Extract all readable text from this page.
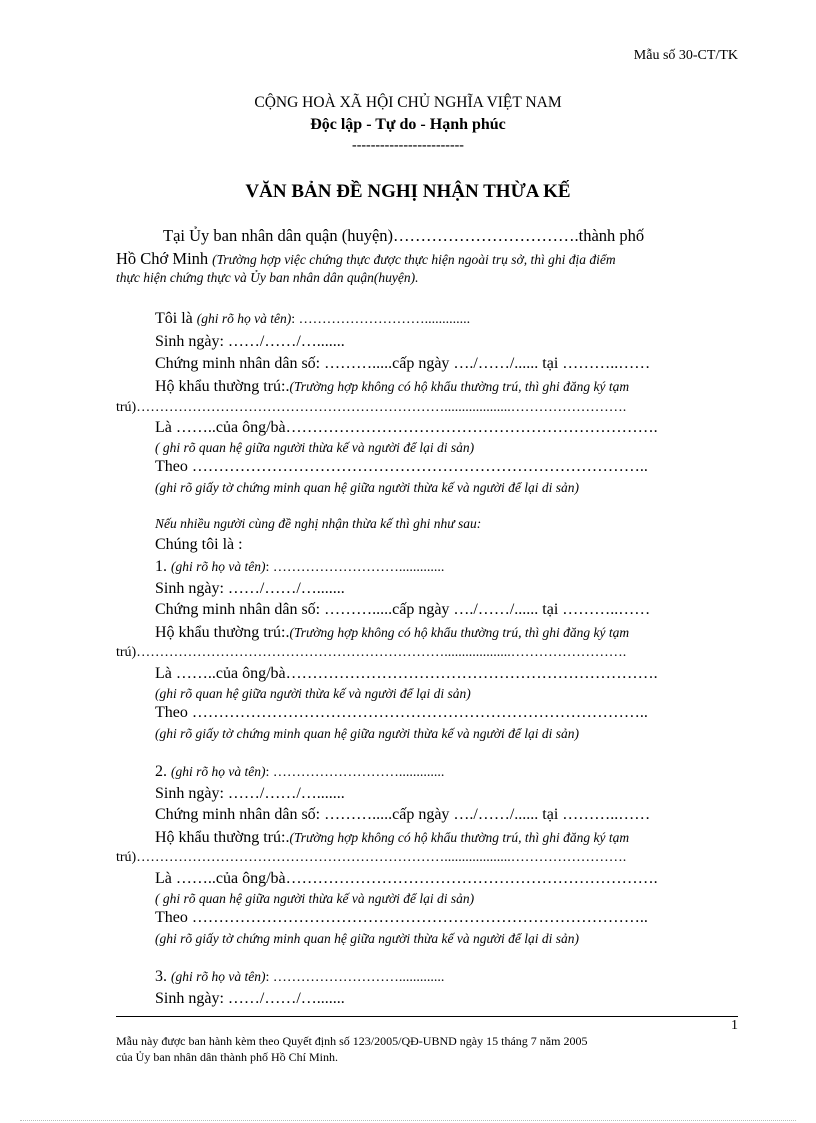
Mẫu số 30-CT/TK
CỘNG HOÀ XÃ HỘI CHỦ NGHĨA VIỆT NAM
Độc lập - Tự do - Hạnh phúc
------------------------
VĂN BẢN ĐỀ NGHỊ NHẬN THỪA KẾ
Tại Ủy ban nhân dân quận (huyện)…………………………….thành phố
Hồ Chớ Minh (Trường hợp việc chứng thực được thực hiện ngoài trụ sở, thì ghi địa điểm
thực hiện chứng thực và Ủy ban nhân dân quận(huyện).
Tôi là (ghi rõ họ và tên): ……………………….............
Sinh ngày: ……/……/….......
Chứng minh nhân dân số: ……….....cấp ngày …./……/...... tại ………..……
Hộ khẩu thường trú:.(Trường hợp không có hộ khẩu thường trú, thì ghi đăng ký tạm
trú)…………………………………………………………...................…………………….
Là ……..của ông/bà…………………………………………………………….
( ghi rõ quan hệ giữa người thừa kế và người để lại di sản)
Theo …………………………………………………………………………..
(ghi rõ giấy tờ chứng minh quan hệ giữa người thừa kế và người để lại di sản)
Nếu nhiều người cùng đề nghị nhận thừa kế thì ghi như sau:
Chúng tôi là :
1. (ghi rõ họ và tên): ……………………….............
Sinh ngày: ……/……/….......
Chứng minh nhân dân số: ……….....cấp ngày …./……/...... tại ………..……
Hộ khẩu thường trú:.(Trường hợp không có hộ khẩu thường trú, thì ghi đăng ký tạm
trú)…………………………………………………………...................…………………….
Là ……..của ông/bà…………………………………………………………….
(ghi rõ quan hệ giữa người thừa kế và người để lại di sản)
Theo …………………………………………………………………………..
(ghi rõ giấy tờ chứng minh quan hệ giữa người thừa kế và người để lại di sản)
2. (ghi rõ họ và tên): ……………………….............
Sinh ngày: ……/……/….......
Chứng minh nhân dân số: ……….....cấp ngày …./……/...... tại ………..……
Hộ khẩu thường trú:.(Trường hợp không có hộ khẩu thường trú, thì ghi đăng ký tạm
trú)…………………………………………………………...................…………………….
Là ……..của ông/bà…………………………………………………………….
( ghi rõ quan hệ giữa người thừa kế và người để lại di sản)
Theo …………………………………………………………………………..
(ghi rõ giấy tờ chứng minh quan hệ giữa người thừa kế và người để lại di sản)
3. (ghi rõ họ và tên): ……………………….............
Sinh ngày: ……/……/….......
1
Mẫu này được ban hành kèm theo Quyết định số 123/2005/QĐ-UBND ngày 15 tháng 7 năm 2005
của Ủy ban nhân dân thành phố Hồ Chí Minh.
